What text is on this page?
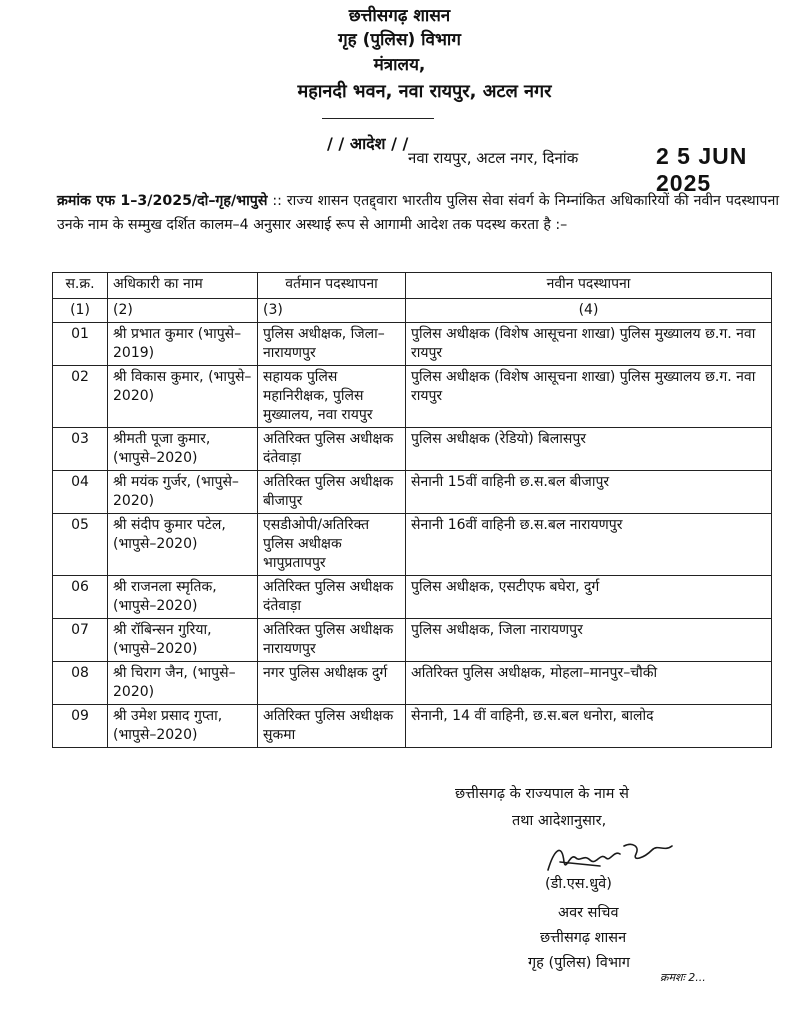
छत्तीसगढ़ शासन
गृह (पुलिस) विभाग
मंत्रालय,
महानदी भवन, नवा रायपुर, अटल नगर
/ / आदेश / /
नवा रायपुर, अटल नगर, दिनांक	2 5 JUN 2025
क्रमांक एफ 1–3/2025/दो–गृह/भापुसे :: राज्य शासन एतद्द्वारा भारतीय पुलिस सेवा संवर्ग के निम्नांकित अधिकारियों की नवीन पदस्थापना उनके नाम के सम्मुख दर्शित कालम–4 अनुसार अस्थाई रूप से आगामी आदेश तक पदस्थ करता है :–
स.क्र.	अधिकारी का नाम	वर्तमान पदस्थापना	नवीन पदस्थापना
(1)	(2)	(3)	(4)
01	श्री प्रभात कुमार (भापुसे–2019)	पुलिस अधीक्षक, जिला–नारायणपुर	पुलिस अधीक्षक (विशेष आसूचना शाखा) पुलिस मुख्यालय छ.ग. नवा रायपुर
02	श्री विकास कुमार, (भापुसे– 2020)	सहायक पुलिस महानिरीक्षक, पुलिस मुख्यालय, नवा रायपुर	पुलिस अधीक्षक (विशेष आसूचना शाखा) पुलिस मुख्यालय छ.ग. नवा रायपुर
03	श्रीमती पूजा कुमार, (भापुसे–2020)	अतिरिक्त पुलिस अधीक्षक दंतेवाड़ा	पुलिस अधीक्षक (रेडियो) बिलासपुर
04	श्री मयंक गुर्जर, (भापुसे– 2020)	अतिरिक्त पुलिस अधीक्षक बीजापुर	सेनानी 15वीं वाहिनी छ.स.बल बीजापुर
05	श्री संदीप कुमार पटेल, (भापुसे–2020)	एसडीओपी/अतिरिक्त पुलिस अधीक्षक भापुप्रतापपुर	सेनानी 16वीं वाहिनी छ.स.बल नारायणपुर
06	श्री राजनला स्मृतिक, (भापुसे–2020)	अतिरिक्त पुलिस अधीक्षक दंतेवाड़ा	पुलिस अधीक्षक, एसटीएफ बघेरा, दुर्ग
07	श्री रॉबिन्सन गुरिया, (भापुसे–2020)	अतिरिक्त पुलिस अधीक्षक नारायणपुर	पुलिस अधीक्षक, जिला नारायणपुर
08	श्री चिराग जैन, (भापुसे– 2020)	नगर पुलिस अधीक्षक दुर्ग	अतिरिक्त पुलिस अधीक्षक, मोहला–मानपुर–चौकी
09	श्री उमेश प्रसाद गुप्ता, (भापुसे–2020)	अतिरिक्त पुलिस अधीक्षक सुकमा	सेनानी, 14 वीं वाहिनी, छ.स.बल धनोरा, बालोद
छत्तीसगढ़ के राज्यपाल के नाम से
तथा आदेशानुसार,
(डी.एस.धुवे)
अवर सचिव
छत्तीसगढ़ शासन
गृह (पुलिस) विभाग
क्रमशः 2...
